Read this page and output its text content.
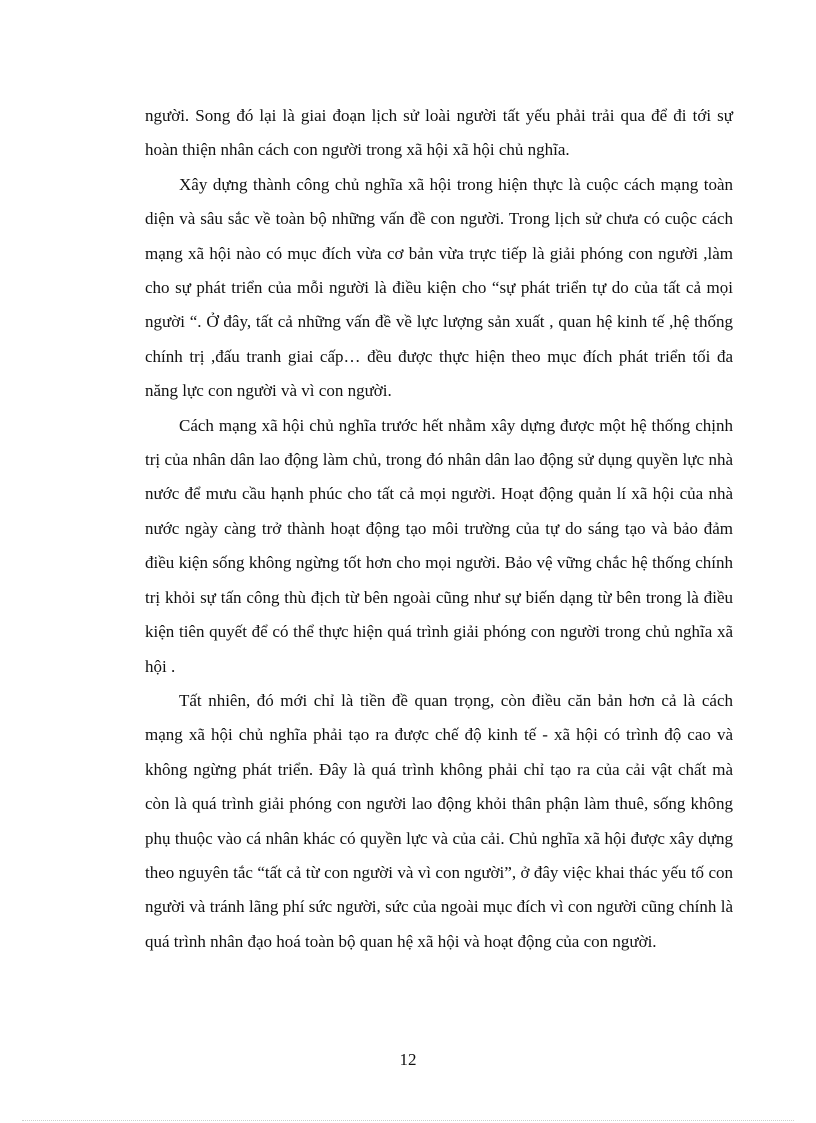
người. Song đó lại là giai đoạn lịch sử loài người tất yếu phải trải qua để đi tới sự hoàn thiện nhân cách con người trong xã hội xã hội chủ nghĩa.

Xây dựng thành công chủ nghĩa xã hội trong hiện thực là cuộc cách mạng toàn diện và sâu sắc về toàn bộ những vấn đề con người. Trong lịch sử chưa có cuộc cách mạng xã hội nào có mục đích vừa cơ bản vừa trực tiếp là giải phóng con người ,làm cho sự phát triển của mỗi người là điều kiện cho “sự phát triển tự do của tất cả mọi người “. Ở đây, tất cả những vấn đề về lực lượng sản xuất , quan hệ kinh tế ,hệ thống chính trị ,đấu tranh giai cấp… đều được thực hiện theo mục đích phát triển tối đa năng lực con người và vì con người.

Cách mạng xã hội chủ nghĩa trước hết nhằm xây dựng được một hệ thống chịnh trị của nhân dân lao động làm chủ, trong đó nhân dân lao động sử dụng quyền lực nhà nước để mưu cầu hạnh phúc cho tất cả mọi người. Hoạt động quản lí xã hội của nhà nước ngày càng trở thành hoạt động tạo môi trường của tự do sáng tạo và bảo đảm điều kiện sống không ngừng tốt hơn cho mọi người. Bảo vệ vững chắc hệ thống chính trị khỏi sự tấn công thù địch từ bên ngoài cũng như sự biến dạng từ bên trong là điều kiện tiên quyết để có thể thực hiện quá trình giải phóng con người trong chủ nghĩa xã hội .

Tất nhiên, đó mới chỉ là tiền đề quan trọng, còn điều căn bản hơn cả là cách mạng xã hội chủ nghĩa phải tạo ra được chế độ kinh tế - xã hội có trình độ cao và không ngừng phát triển. Đây là quá trình không phải chỉ tạo ra của cải vật chất mà còn là quá trình giải phóng con người lao động khỏi thân phận làm thuê, sống không phụ thuộc vào cá nhân khác có quyền lực và của cải. Chủ nghĩa xã hội được xây dựng theo nguyên tắc “tất cả từ con người và vì con người”, ở đây việc khai thác yếu tố con người và tránh lãng phí sức người, sức của ngoài mục đích vì con người cũng chính là quá trình nhân đạo hoá toàn bộ quan hệ xã hội và hoạt động của con người.

12
